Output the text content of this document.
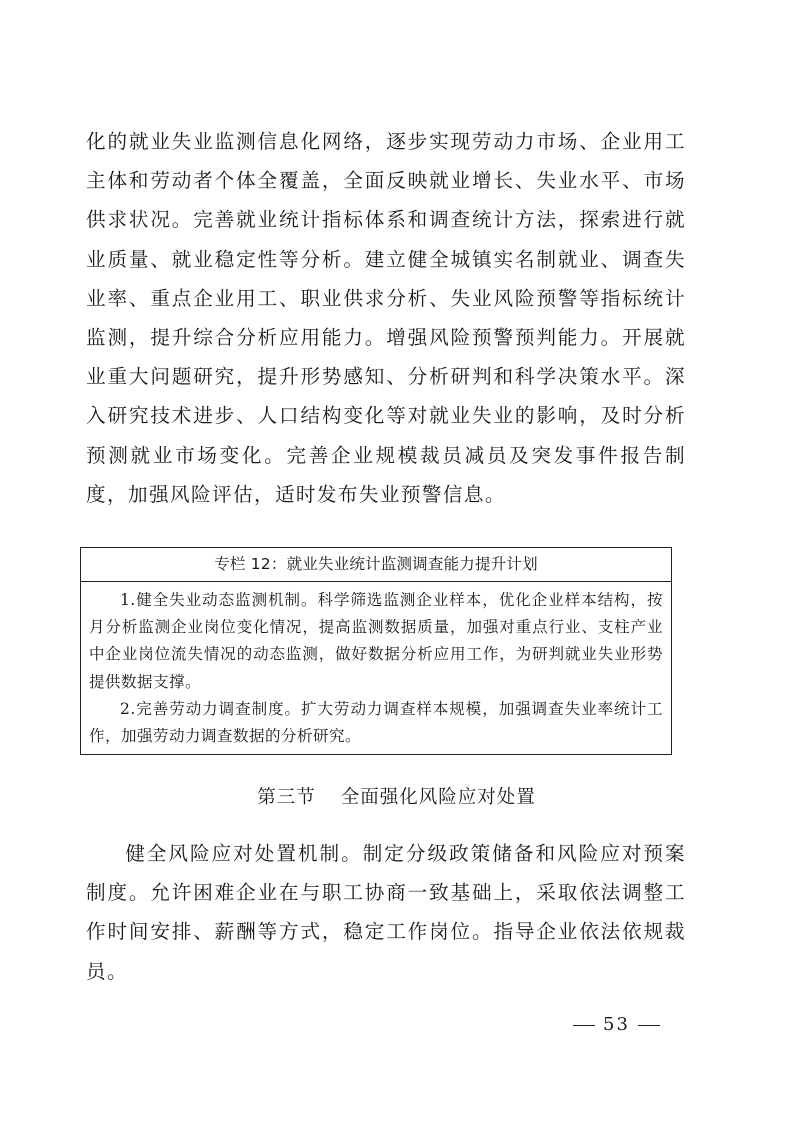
化的就业失业监测信息化网络，逐步实现劳动力市场、企业用工主体和劳动者个体全覆盖，全面反映就业增长、失业水平、市场供求状况。完善就业统计指标体系和调查统计方法，探索进行就业质量、就业稳定性等分析。建立健全城镇实名制就业、调查失业率、重点企业用工、职业供求分析、失业风险预警等指标统计监测，提升综合分析应用能力。增强风险预警预判能力。开展就业重大问题研究，提升形势感知、分析研判和科学决策水平。深入研究技术进步、人口结构变化等对就业失业的影响，及时分析预测就业市场变化。完善企业规模裁员减员及突发事件报告制度，加强风险评估，适时发布失业预警信息。

专栏 12：就业失业统计监测调查能力提升计划

1.健全失业动态监测机制。科学筛选监测企业样本，优化企业样本结构，按月分析监测企业岗位变化情况，提高监测数据质量，加强对重点行业、支柱产业中企业岗位流失情况的动态监测，做好数据分析应用工作，为研判就业失业形势提供数据支撑。

2.完善劳动力调查制度。扩大劳动力调查样本规模，加强调查失业率统计工作，加强劳动力调查数据的分析研究。

第三节 全面强化风险应对处置

健全风险应对处置机制。制定分级政策储备和风险应对预案制度。允许困难企业在与职工协商一致基础上，采取依法调整工作时间安排、薪酬等方式，稳定工作岗位。指导企业依法依规裁员。

53
